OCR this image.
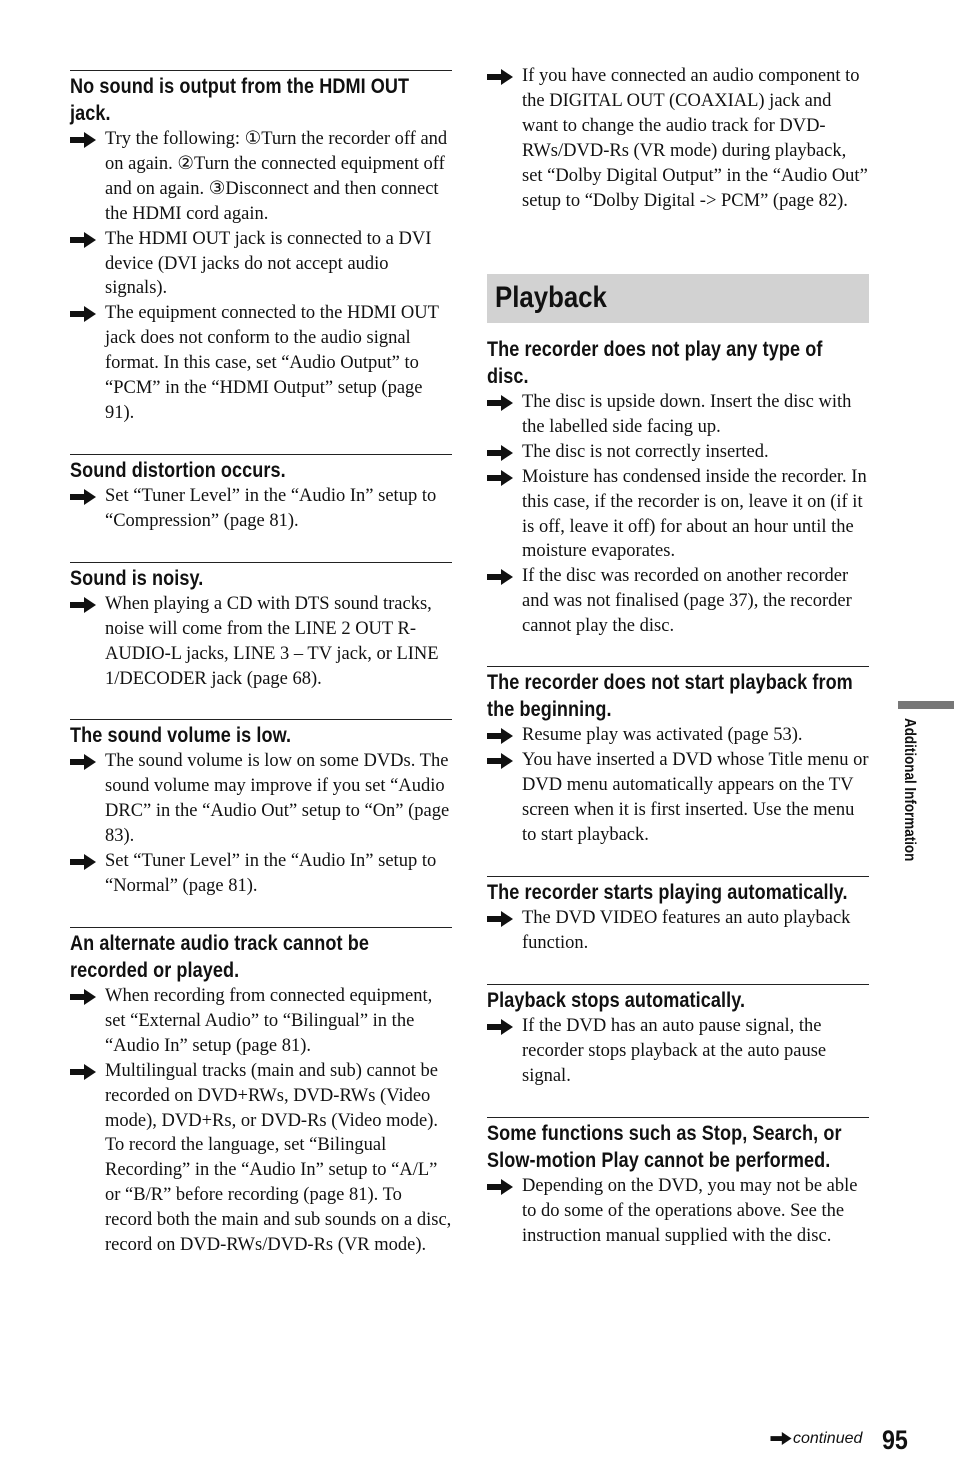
No sound is output from the HDMI OUT jack.
Try the following: ①Turn the recorder off and on again. ②Turn the connected equipment off and on again. ③Disconnect and then connect the HDMI cord again.
The HDMI OUT jack is connected to a DVI device (DVI jacks do not accept audio signals).
The equipment connected to the HDMI OUT jack does not conform to the audio signal format. In this case, set “Audio Output” to “PCM” in the “HDMI Output” setup (page 91).
Sound distortion occurs.
Set “Tuner Level” in the “Audio In” setup to “Compression” (page 81).
Sound is noisy.
When playing a CD with DTS sound tracks, noise will come from the LINE 2 OUT R-AUDIO-L jacks, LINE 3 – TV jack, or LINE 1/DECODER jack (page 68).
The sound volume is low.
The sound volume is low on some DVDs. The sound volume may improve if you set “Audio DRC” in the “Audio Out” setup to “On” (page 83).
Set “Tuner Level” in the “Audio In” setup to “Normal” (page 81).
An alternate audio track cannot be recorded or played.
When recording from connected equipment, set “External Audio” to “Bilingual” in the “Audio In” setup (page 81).
Multilingual tracks (main and sub) cannot be recorded on DVD+RWs, DVD-RWs (Video mode), DVD+Rs, or DVD-Rs (Video mode). To record the language, set “Bilingual Recording” in the “Audio In” setup to “A/L” or “B/R” before recording (page 81). To record both the main and sub sounds on a disc, record on DVD-RWs/DVD-Rs (VR mode).
If you have connected an audio component to the DIGITAL OUT (COAXIAL) jack and want to change the audio track for DVD-RWs/DVD-Rs (VR mode) during playback, set “Dolby Digital Output” in the “Audio Out” setup to “Dolby Digital -> PCM” (page 82).
Playback
The recorder does not play any type of disc.
The disc is upside down. Insert the disc with the labelled side facing up.
The disc is not correctly inserted.
Moisture has condensed inside the recorder. In this case, if the recorder is on, leave it on (if it is off, leave it off) for about an hour until the moisture evaporates.
If the disc was recorded on another recorder and was not finalised (page 37), the recorder cannot play the disc.
The recorder does not start playback from the beginning.
Resume play was activated (page 53).
You have inserted a DVD whose Title menu or DVD menu automatically appears on the TV screen when it is first inserted. Use the menu to start playback.
The recorder starts playing automatically.
The DVD VIDEO features an auto playback function.
Playback stops automatically.
If the DVD has an auto pause signal, the recorder stops playback at the auto pause signal.
Some functions such as Stop, Search, or Slow-motion Play cannot be performed.
Depending on the DVD, you may not be able to do some of the operations above. See the instruction manual supplied with the disc.
Additional Information
continued 95
